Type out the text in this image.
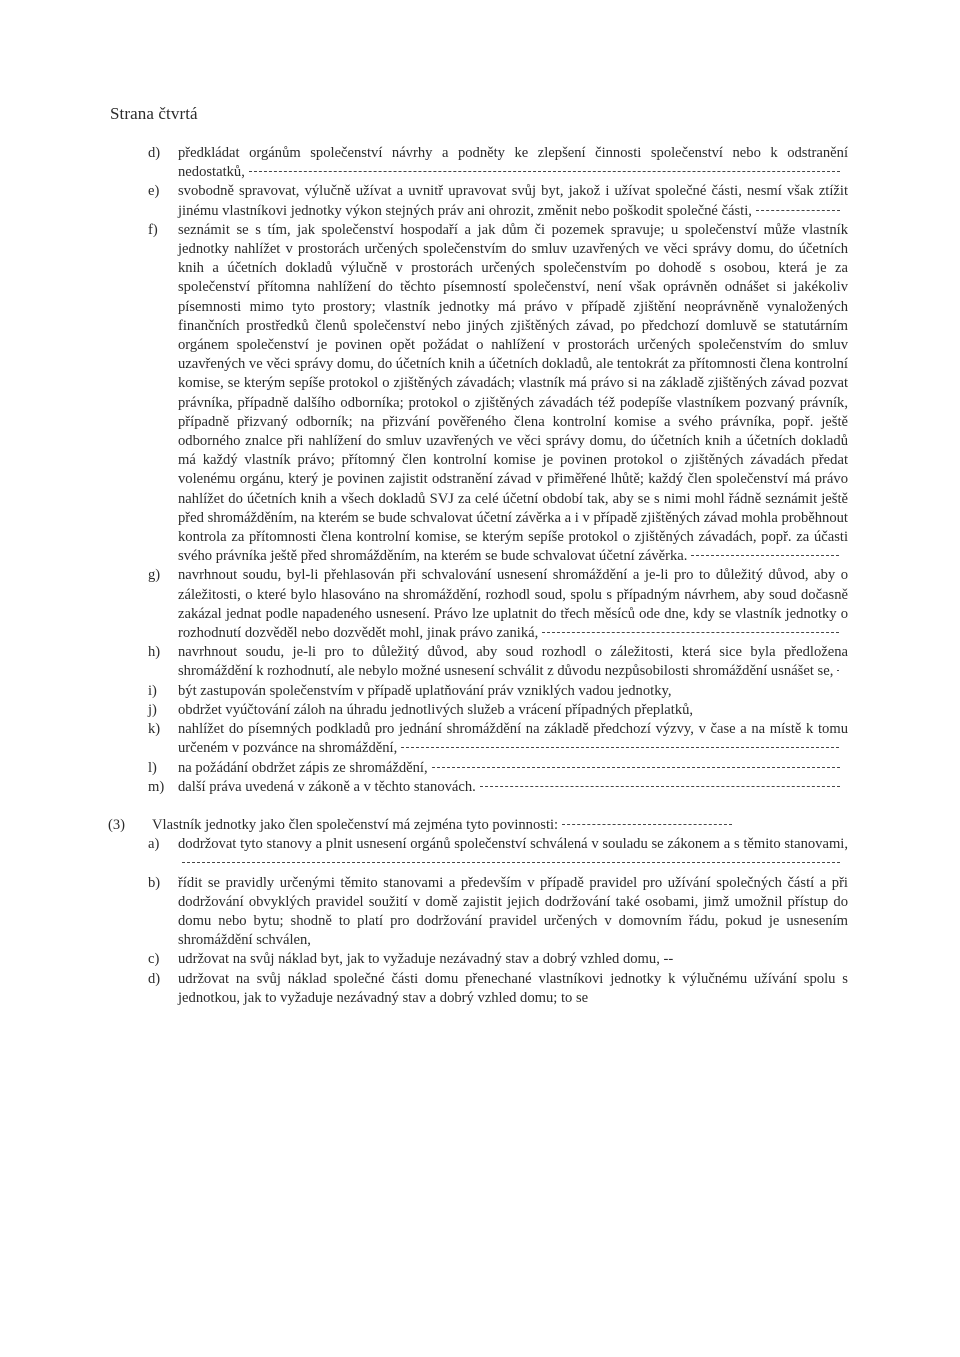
Strana čtvrtá
d) předkládat orgánům společenství návrhy a podněty ke zlepšení činnosti společenství nebo k odstranění nedostatků,
e) svobodně spravovat, výlučně užívat a uvnitř upravovat svůj byt, jakož i užívat společné části, nesmí však ztížit jinému vlastníkovi jednotky výkon stejných práv ani ohrozit, změnit nebo poškodit společné části,
f) seznámit se s tím, jak společenství hospodaří a jak dům či pozemek spravuje; u společenství může vlastník jednotky nahlížet v prostorách určených společenstvím do smluv uzavřených ve věci správy domu, do účetních knih a účetních dokladů výlučně v prostorách určených společenstvím po dohodě s osobou, která je za společenství přítomna nahlížení do těchto písemností společenství, není však oprávněn odnášet si jakékoliv písemnosti mimo tyto prostory; vlastník jednotky má právo v případě zjištění neoprávněně vynaložených finančních prostředků členů společenství nebo jiných zjištěných závad, po předchozí domluvě se statutárním orgánem společenství je povinen opět požádat o nahlížení v prostorách určených společenstvím do smluv uzavřených ve věci správy domu, do účetních knih a účetních dokladů, ale tentokrát za přítomnosti člena kontrolní komise, se kterým sepíše protokol o zjištěných závadách; vlastník má právo si na základě zjištěných závad pozvat právníka, případně dalšího odborníka; protokol o zjištěných závadách též podepíše vlastníkem pozvaný právník, případně přizvaný odborník; na přizvání pověřeného člena kontrolní komise a svého právníka, popř. ještě odborného znalce při nahlížení do smluv uzavřených ve věci správy domu, do účetních knih a účetních dokladů má každý vlastník právo; přítomný člen kontrolní komise je povinen protokol o zjištěných závadách předat volenému orgánu, který je povinen zajistit odstranění závad v přiměřené lhůtě; každý člen společenství má právo nahlížet do účetních knih a všech dokladů SVJ za celé účetní období tak, aby se s nimi mohl řádně seznámit ještě před shromážděním, na kterém se bude schvalovat účetní závěrka a i v případě zjištěných závad mohla proběhnout kontrola za přítomnosti člena kontrolní komise, se kterým sepíše protokol o zjištěných závadách, popř. za účasti svého právníka ještě před shromážděním, na kterém se bude schvalovat účetní závěrka.
g) navrhnout soudu, byl-li přehlasován při schvalování usnesení shromáždění a je-li pro to důležitý důvod, aby o záležitosti, o které bylo hlasováno na shromáždění, rozhodl soud, spolu s případným návrhem, aby soud dočasně zakázal jednat podle napadeného usnesení. Právo lze uplatnit do třech měsíců ode dne, kdy se vlastník jednotky o rozhodnutí dozvěděl nebo dozvědět mohl, jinak právo zaniká,
h) navrhnout soudu, je-li pro to důležitý důvod, aby soud rozhodl o záležitosti, která sice byla předložena shromáždění k rozhodnutí, ale nebylo možné usnesení schválit z důvodu nezpůsobilosti shromáždění usnášet se,
i) být zastupován společenstvím v případě uplatňování práv vzniklých vadou jednotky,
j) obdržet vyúčtování záloh na úhradu jednotlivých služeb a vrácení případných přeplatků,
k) nahlížet do písemných podkladů pro jednání shromáždění na základě předchozí výzvy, v čase a na místě k tomu určeném v pozvánce na shromáždění,
l) na požádání obdržet zápis ze shromáždění,
m) další práva uvedená v zákoně a v těchto stanovách.
(3) Vlastník jednotky jako člen společenství má zejména tyto povinnosti:
a) dodržovat tyto stanovy a plnit usnesení orgánů společenství schválená v souladu se zákonem a s těmito stanovami,
b) řídit se pravidly určenými těmito stanovami a především v případě pravidel pro užívání společných částí a při dodržování obvyklých pravidel soužití v domě zajistit jejich dodržování také osobami, jimž umožnil přístup do domu nebo bytu; shodně to platí pro dodržování pravidel určených v domovním řádu, pokud je usnesením shromáždění schválen,
c) udržovat na svůj náklad byt, jak to vyžaduje nezávadný stav a dobrý vzhled domu, --
d) udržovat na svůj náklad společné části domu přenechané vlastníkovi jednotky k výlučnému užívání spolu s jednotkou, jak to vyžaduje nezávadný stav a dobrý vzhled domu; to se
